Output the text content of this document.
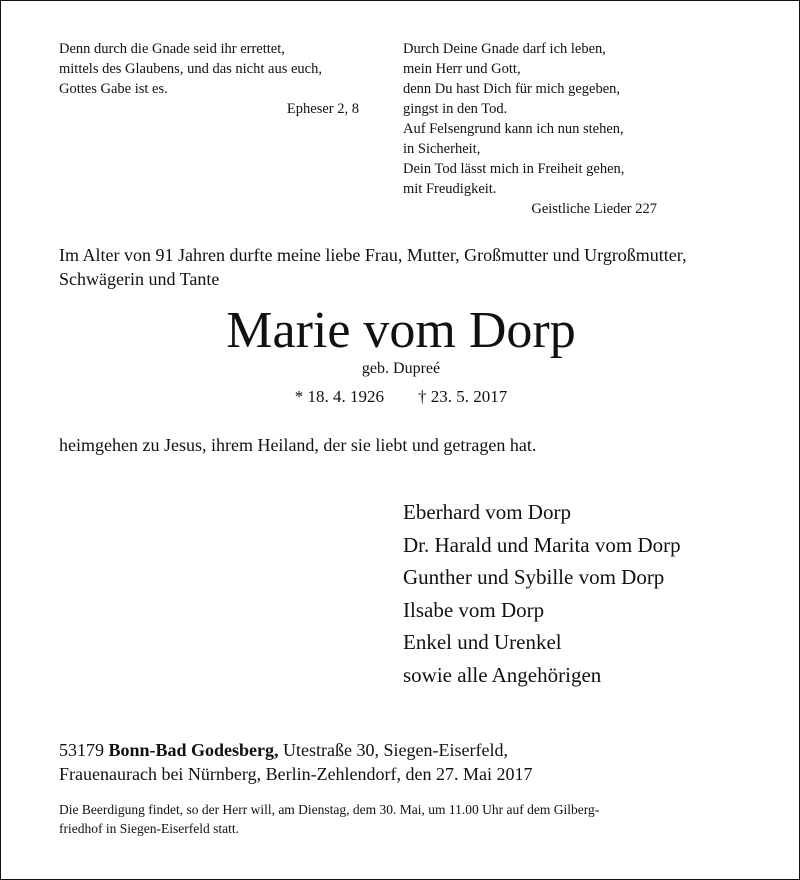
Denn durch die Gnade seid ihr errettet,
mittels des Glaubens, und das nicht aus euch,
Gottes Gabe ist es.
Epheser 2, 8
Durch Deine Gnade darf ich leben,
mein Herr und Gott,
denn Du hast Dich für mich gegeben,
gingst in den Tod.
Auf Felsengrund kann ich nun stehen,
in Sicherheit,
Dein Tod lässt mich in Freiheit gehen,
mit Freudigkeit.
Geistliche Lieder 227
Im Alter von 91 Jahren durfte meine liebe Frau, Mutter, Großmutter und Urgroßmutter,
Schwägerin und Tante
Marie vom Dorp
geb. Dupreé
* 18. 4. 1926 † 23. 5. 2017
heimgehen zu Jesus, ihrem Heiland, der sie liebt und getragen hat.
Eberhard vom Dorp
Dr. Harald und Marita vom Dorp
Gunther und Sybille vom Dorp
Ilsabe vom Dorp
Enkel und Urenkel
sowie alle Angehörigen
53179 Bonn-Bad Godesberg, Utestraße 30, Siegen-Eiserfeld,
Frauenaurach bei Nürnberg, Berlin-Zehlendorf, den 27. Mai 2017
Die Beerdigung findet, so der Herr will, am Dienstag, dem 30. Mai, um 11.00 Uhr auf dem Gilberg-
friedhof in Siegen-Eiserfeld statt.
